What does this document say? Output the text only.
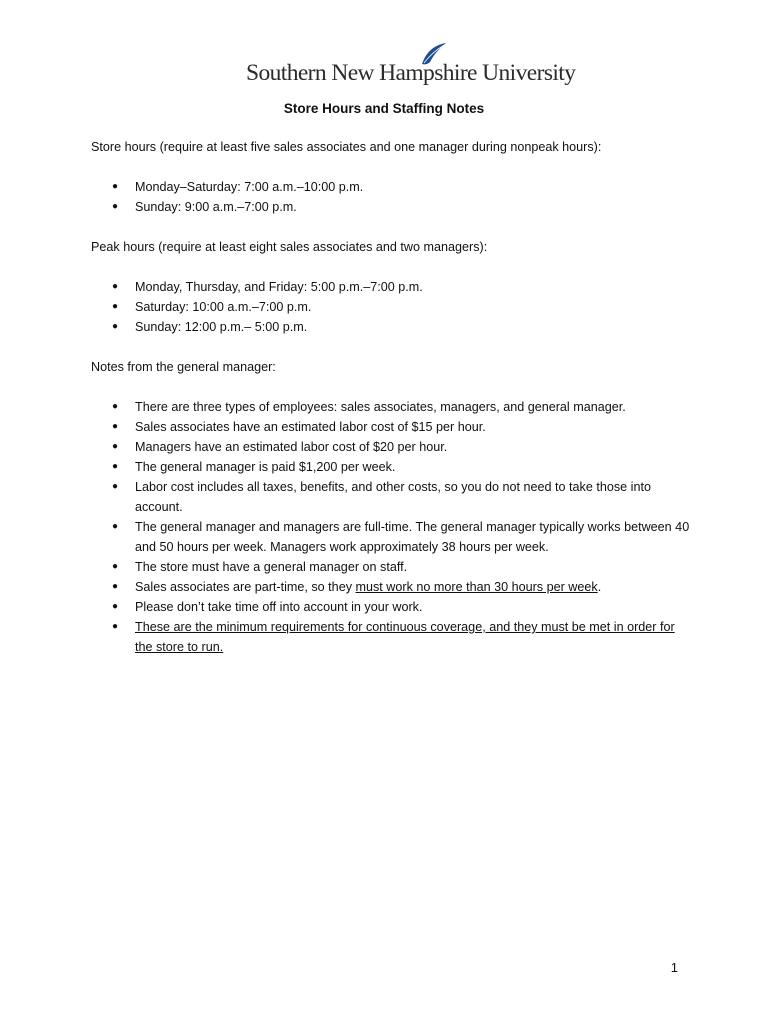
Southern New Hampshire University
Store Hours and Staffing Notes

Store hours (require at least five sales associates and one manager during nonpeak hours):

● Monday–Saturday: 7:00 a.m.–10:00 p.m.
● Sunday: 9:00 a.m.–7:00 p.m.

Peak hours (require at least eight sales associates and two managers):

● Monday, Thursday, and Friday: 5:00 p.m.–7:00 p.m.
● Saturday: 10:00 a.m.–7:00 p.m.
● Sunday: 12:00 p.m.– 5:00 p.m.

Notes from the general manager:

● There are three types of employees: sales associates, managers, and general manager.
● Sales associates have an estimated labor cost of $15 per hour.
● Managers have an estimated labor cost of $20 per hour.
● The general manager is paid $1,200 per week.
● Labor cost includes all taxes, benefits, and other costs, so you do not need to take those into account.
● The general manager and managers are full-time. The general manager typically works between 40 and 50 hours per week. Managers work approximately 38 hours per week.
● The store must have a general manager on staff.
● Sales associates are part-time, so they must work no more than 30 hours per week.
● Please don’t take time off into account in your work.
● These are the minimum requirements for continuous coverage, and they must be met in order for the store to run.
1
